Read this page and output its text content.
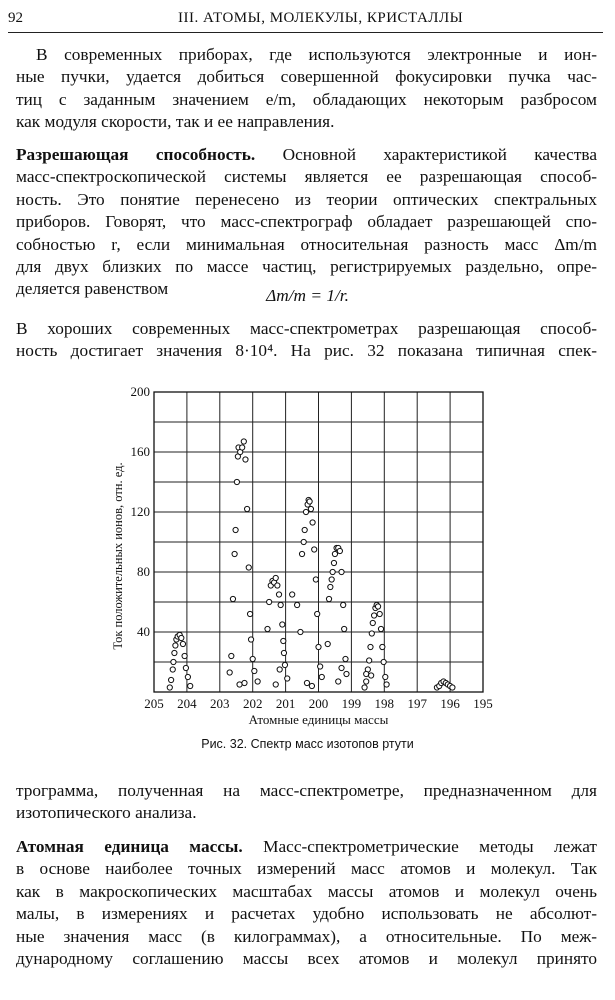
92	III. АТОМЫ, МОЛЕКУЛЫ, КРИСТАЛЛЫ
В современных приборах, где используются электронные и ион-
ные пучки, удается добиться совершенной фокусировки пучка час-
тиц с заданным значением e/m, обладающих некоторым разбросом
как модуля скорости, так и ее направления.
Разрешающая способность. Основной характеристикой качества
масс-спектроскопической системы является ее разрешающая способ-
ность. Это понятие перенесено из теории оптических спектральных
приборов. Говорят, что масс-спектрограф обладает разрешающей спо-
собностью r, если минимальная относительная разность масс Δm/m
для двух близких по массе частиц, регистрируемых раздельно, опре-
деляется равенством	Δm/m = 1/r.
В хороших современных масс-спектрометрах разрешающая способ-
ность достигает значения 8·10⁴. На рис. 32 показана типичная спек-
40
80
120
160
200
205 204 203 202 201 200 199 198 197 196 195
Атомные единицы массы
Ток положительных ионов, отн. ед.
Рис. 32. Спектр масс изотопов ртути
трограмма, полученная на масс-спектрометре, предназначенном для
изотопического анализа.
Атомная единица массы. Масс-спектрометрические методы лежат
в основе наиболее точных измерений масс атомов и молекул. Так
как в макроскопических масштабах массы атомов и молекул очень
малы, в измерениях и расчетах удобно использовать не абсолют-
ные значения масс (в килограммах), а относительные. По меж-
дународному соглашению массы всех атомов и молекул принято
